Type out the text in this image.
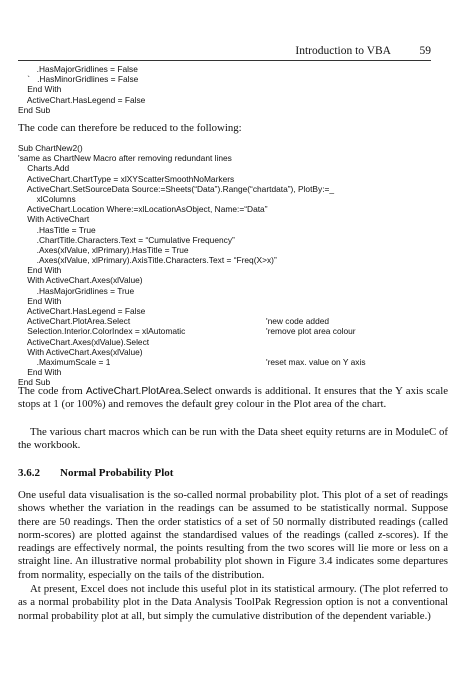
Introduction to VBA 59
.HasMajorGridlines = False
`   .HasMinorGridlines = False
End With
ActiveChart.HasLegend = False
End Sub

The code can therefore be reduced to the following:

Sub ChartNew2()
'same as ChartNew Macro after removing redundant lines
Charts.Add
ActiveChart.ChartType = xlXYScatterSmoothNoMarkers
ActiveChart.SetSourceData Source:=Sheets(“Data”).Range(“chartdata”), PlotBy:=_
xlColumns
ActiveChart.Location Where:=xlLocationAsObject, Name:=“Data”
With ActiveChart
.HasTitle = True
.ChartTitle.Characters.Text = “Cumulative Frequency”
.Axes(xlValue, xlPrimary).HasTitle = True
.Axes(xlValue, xlPrimary).AxisTitle.Characters.Text = “Freq(X>x)”
End With
With ActiveChart.Axes(xlValue)
.HasMajorGridlines = True
End With
ActiveChart.HasLegend = False
ActiveChart.PlotArea.Select	'new code added
Selection.Interior.ColorIndex = xlAutomatic	'remove plot area colour
ActiveChart.Axes(xlValue).Select
With ActiveChart.Axes(xlValue)
.MaximumScale = 1	'reset max. value on Y axis
End With
End Sub

The code from ActiveChart.PlotArea.Select onwards is additional. It ensures that the Y axis scale stops at 1 (or 100%) and removes the default grey colour in the Plot area of the chart.

The various chart macros which can be run with the Data sheet equity returns are in ModuleC of the workbook.

3.6.2 Normal Probability Plot

One useful data visualisation is the so-called normal probability plot. This plot of a set of readings shows whether the variation in the readings can be assumed to be statistically normal. Suppose there are 50 readings. Then the order statistics of a set of 50 normally distributed readings (called norm-scores) are plotted against the standardised values of the readings (called z-scores). If the readings are effectively normal, the points resulting from the two scores will lie more or less on a straight line. An illustrative normal probability plot shown in Figure 3.4 indicates some departures from normality, especially on the tails of the distribution.

At present, Excel does not include this useful plot in its statistical armoury. (The plot referred to as a normal probability plot in the Data Analysis ToolPak Regression option is not a conventional normal probability plot at all, but simply the cumulative distribution of the dependent variable.)
